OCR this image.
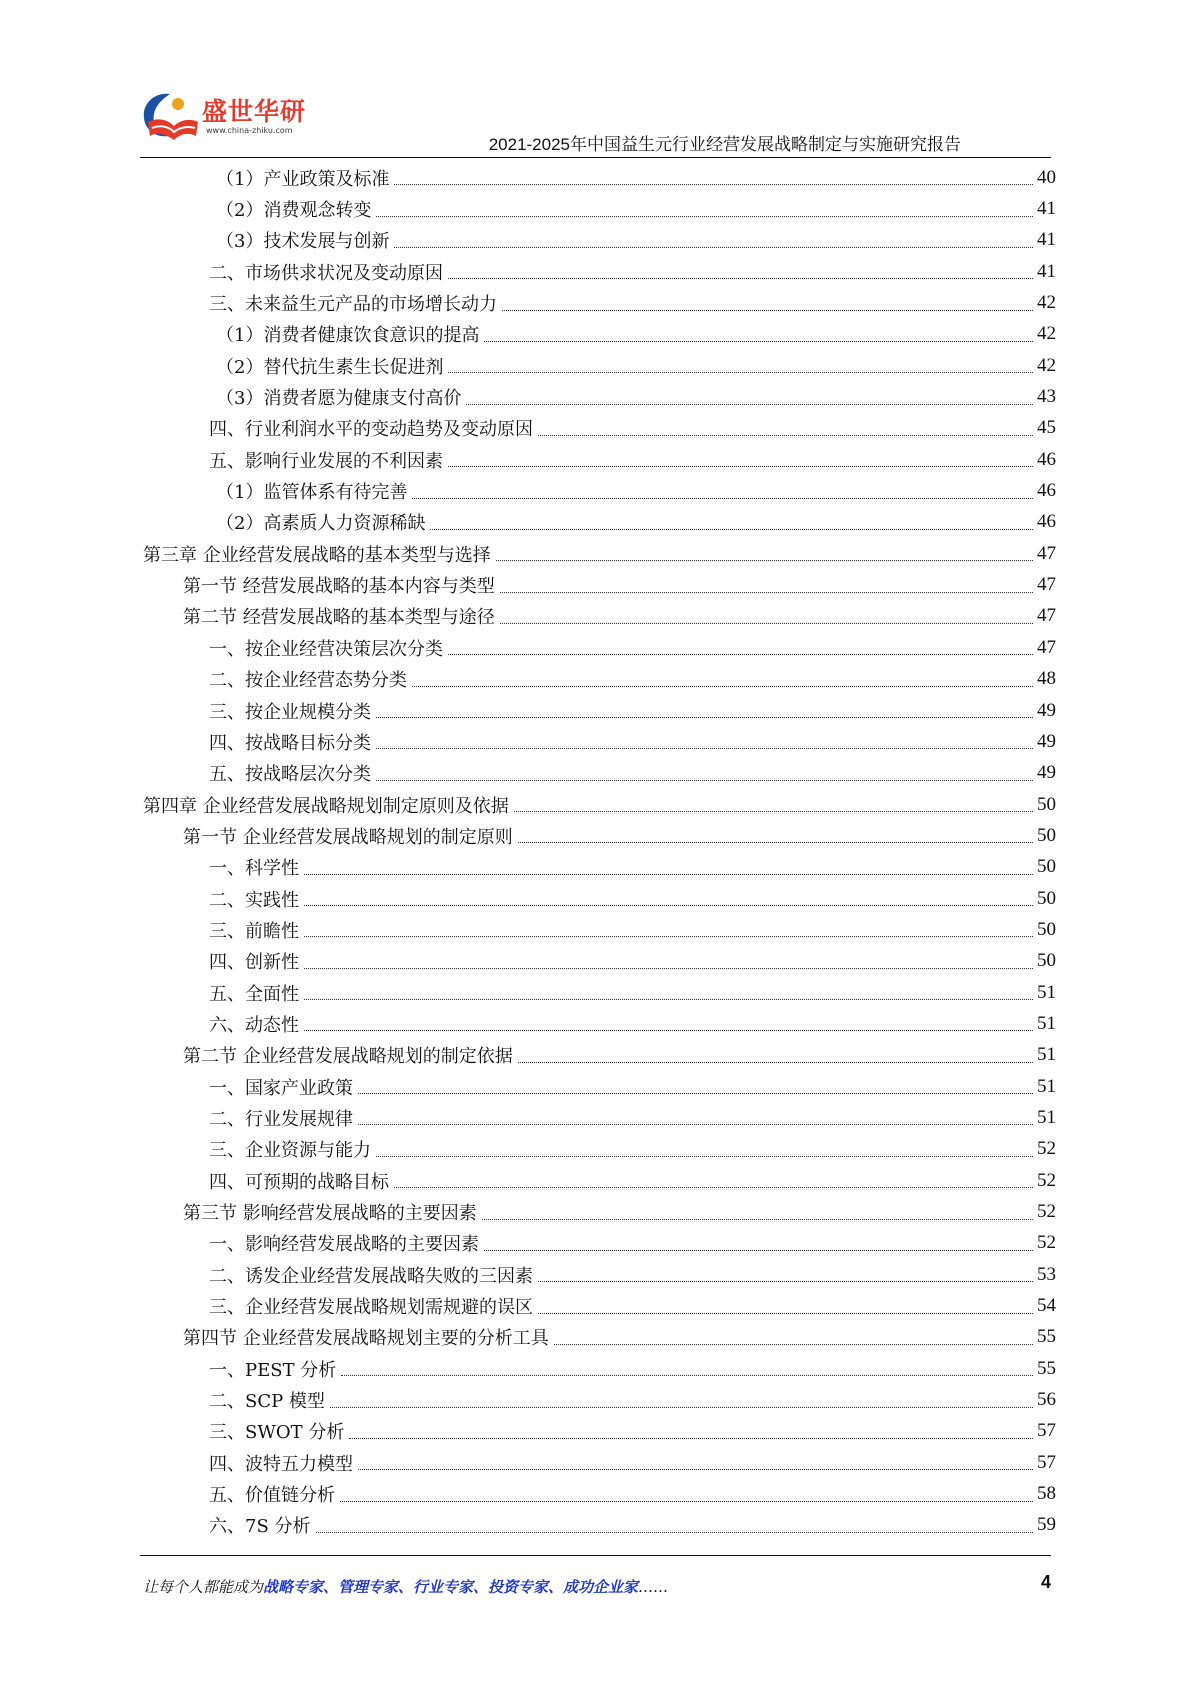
盛世华研
www.china-zhiku.com
2021-2025年中国益生元行业经营发展战略制定与实施研究报告
（1）产业政策及标准	40
（2）消费观念转变	41
（3）技术发展与创新	41
二、市场供求状况及变动原因	41
三、未来益生元产品的市场增长动力	42
（1）消费者健康饮食意识的提高	42
（2）替代抗生素生长促进剂	42
（3）消费者愿为健康支付高价	43
四、行业利润水平的变动趋势及变动原因	45
五、影响行业发展的不利因素	46
（1）监管体系有待完善	46
（2）高素质人力资源稀缺	46
第三章 企业经营发展战略的基本类型与选择	47
第一节 经营发展战略的基本内容与类型	47
第二节 经营发展战略的基本类型与途径	47
一、按企业经营决策层次分类	47
二、按企业经营态势分类	48
三、按企业规模分类	49
四、按战略目标分类	49
五、按战略层次分类	49
第四章 企业经营发展战略规划制定原则及依据	50
第一节 企业经营发展战略规划的制定原则	50
一、科学性	50
二、实践性	50
三、前瞻性	50
四、创新性	50
五、全面性	51
六、动态性	51
第二节 企业经营发展战略规划的制定依据	51
一、国家产业政策	51
二、行业发展规律	51
三、企业资源与能力	52
四、可预期的战略目标	52
第三节 影响经营发展战略的主要因素	52
一、影响经营发展战略的主要因素	52
二、诱发企业经营发展战略失败的三因素	53
三、企业经营发展战略规划需规避的误区	54
第四节 企业经营发展战略规划主要的分析工具	55
一、PEST 分析	55
二、SCP 模型	56
三、SWOT 分析	57
四、波特五力模型	57
五、价值链分析	58
六、7S 分析	59
让每个人都能成为战略专家、管理专家、行业专家、投资专家、成功企业家……	4
